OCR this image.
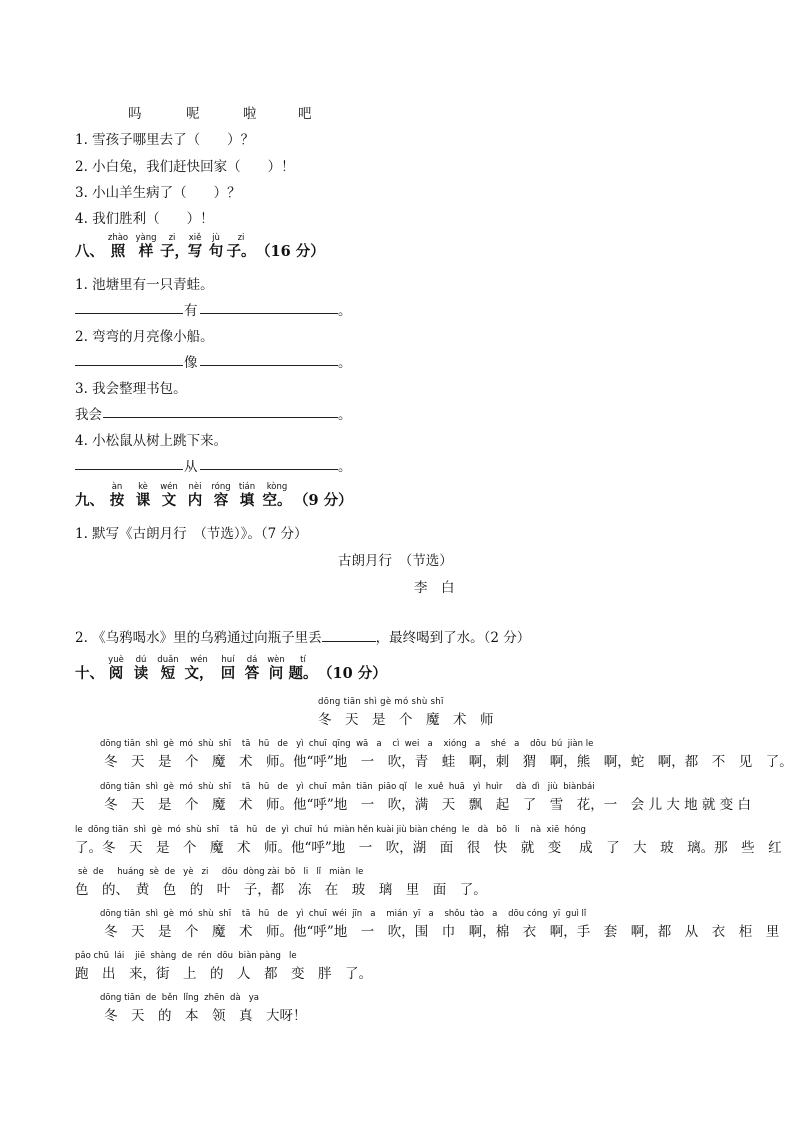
吗	呢	啦	吧
1. 雪孩子哪里去了（　　）？
2. 小白兔，我们赶快回家（　　）！
3. 小山羊生病了（　　）？
4. 我们胜利（　　）！

八、
zhào
照
yàng
样
zi
子，
xiě
写
jù
句
zi
子。
（16 分）
1. 池塘里有一只青蛙。
有	。
2. 弯弯的月亮像小船。
像	。
3. 我会整理书包。
我会	。
4. 小松鼠从树上跳下来。
从	。

九、
àn
按
kè
课
wén
文
nèi
内
róng
容
tián
填
kòng
空。
（9 分）
1. 默写《古朗月行　（节选）》。（7 分）
古朗月行　（节选）
李　白
2. 《乌鸦喝水》里的乌鸦通过向瓶子里丢	，最终喝到了水。（2 分）

十、
yuè
阅
dú
读
duǎn
短
wén
文，
huí
回
dá
答
wèn
问
tí
题。
（10 分）
dōng tiān shì gè mó shù shī
冬　天　是　个　魔　术　师
dōng tiān  shì  gè  mó  shù  shī    tā   hū   de   yì  chuī  qīng  wā   a    cì  wei   a    xióng   a    shé   a    dōu  bú  jiàn le
冬　天　是　个　魔　术　师。他“呼”地　一　吹，青　蛙　啊，刺　猬　啊，熊　啊，蛇　啊，都　不　见　了。
dōng tiān  shì  gè  mó  shù  shī    tā   hū   de   yì  chuī  mǎn  tiān  piāo qǐ   le  xuě  huā   yì  huìr     dà  dì   jiù  biànbái
冬　天　是　个　魔　术　师。他“呼”地　一　吹，满　天　飘　起　了　雪　花，一　会 儿 大 地 就 变 白
le  dōng tiān  shì  gè  mó  shù  shī    tā   hū   de  yì  chuī  hú  miàn hěn kuài jiù biàn chéng  le   dà   bō   li    nà  xiē  hóng
了。冬　天　是　个　魔　术　师。他“呼”地　一　吹，湖　面　很　快　就　变　 成　了　大　玻　璃。那　些　红
sè  de     huáng  sè  de   yè   zi     dōu  dòng zài  bō   li   lǐ   miàn  le
色　的、　黄　色　的　叶　子，都　冻　在　玻　璃　里　面　了。
dōng tiān  shì  gè  mó  shù  shī    tā   hū   de   yì  chuī  wéi  jīn   a    mián  yī   a    shǒu  tào   a    dōu cóng  yī  guì lǐ
冬　天　是　个　魔　术　师。他“呼”地　一　吹，围　巾　啊，棉　衣　啊，手　套　啊，都　从　衣　柜　里
pǎo chū  lái    jiē  shàng  de  rén  dōu  biàn pàng   le
跑　出　来，街　上　的　人　都　变　胖　了。
dōng tiān  de  běn  lǐng  zhēn  dà   ya
冬　天　的　本　领　真　大呀！
